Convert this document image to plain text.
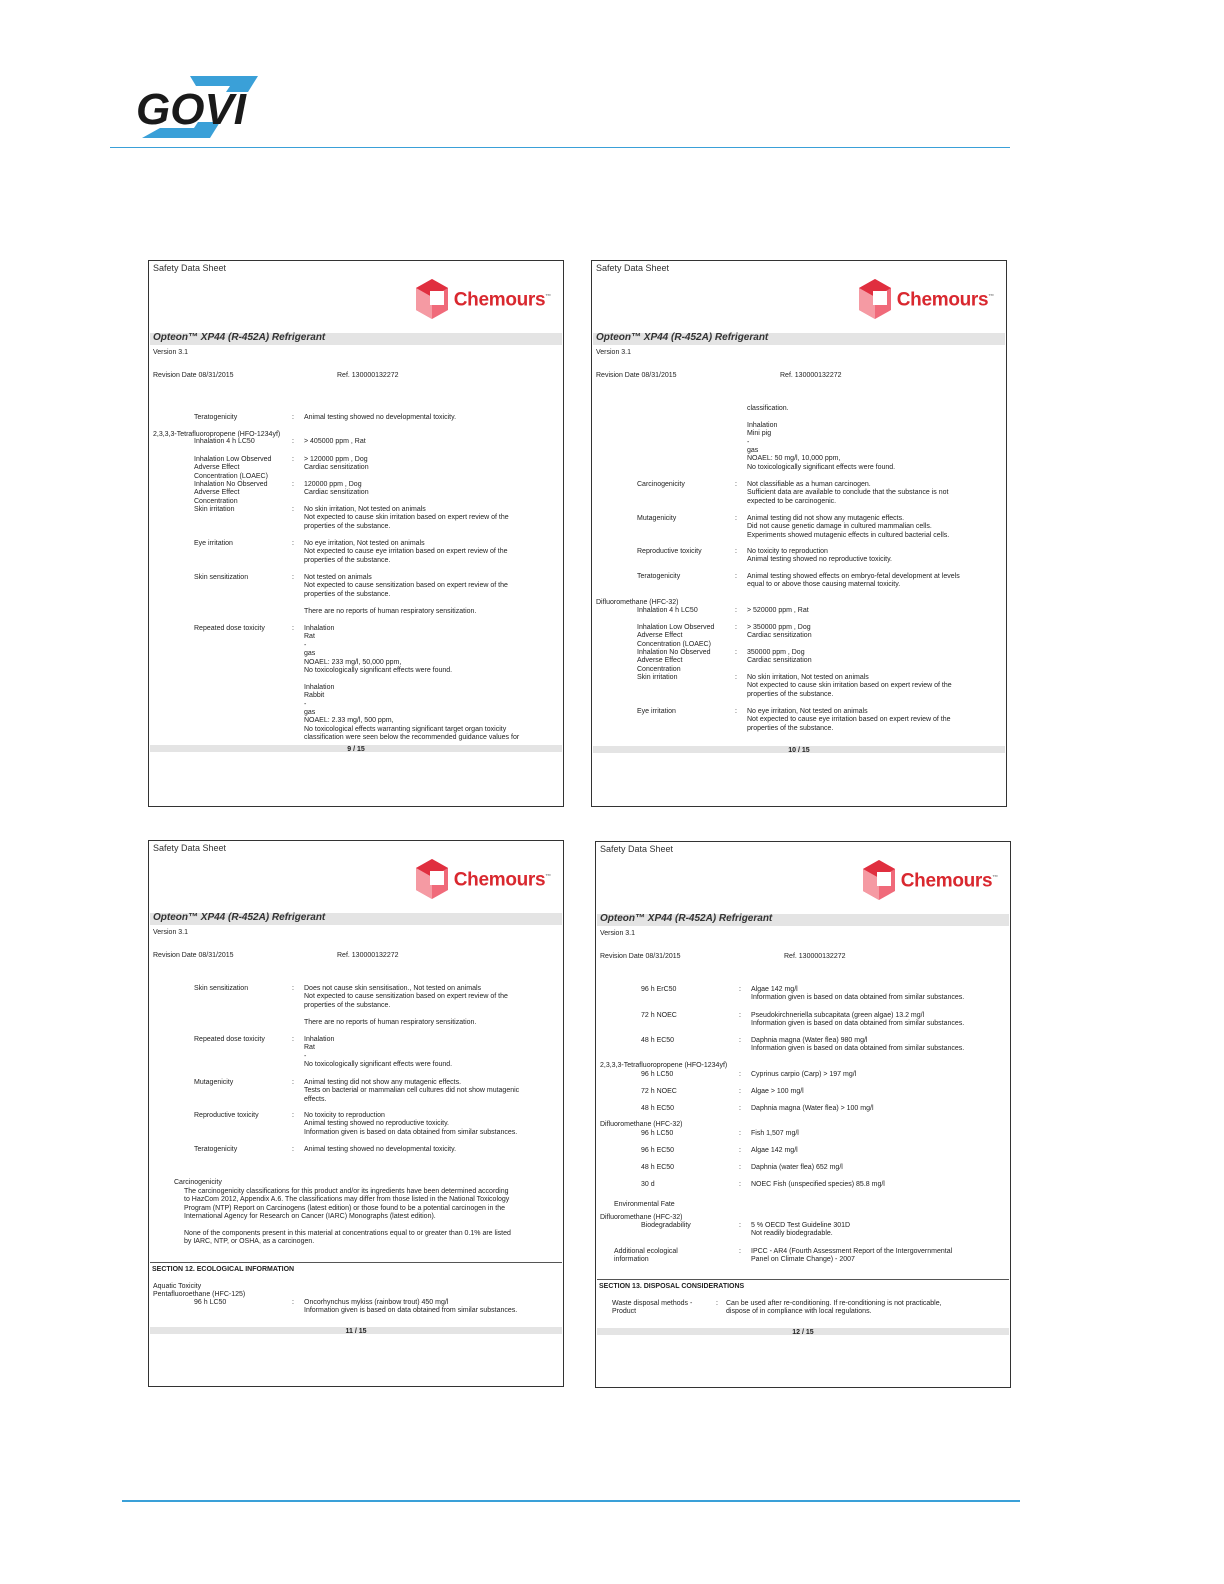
GOVI
Safety Data Sheet
Chemours™
Opteon™ XP44 (R-452A) Refrigerant
Version 3.1
Revision Date 08/31/2015	Ref. 130000132272
Teratogenicity	: Animal testing showed no developmental toxicity.
2,3,3,3-Tetrafluoropropene (HFO-1234yf)
Inhalation 4 h LC50	: > 405000 ppm , Rat
Inhalation Low Observed
Adverse Effect
Concentration (LOAEC)
: > 120000 ppm , Dog
Cardiac sensitization
Inhalation No Observed
Adverse Effect
Concentration
: 120000 ppm , Dog
Cardiac sensitization
Skin irritation	: No skin irritation, Not tested on animals
Not expected to cause skin irritation based on expert review of the
properties of the substance.
Eye irritation	: No eye irritation, Not tested on animals
Not expected to cause eye irritation based on expert review of the
properties of the substance.
Skin sensitization	: Not tested on animals
Not expected to cause sensitization based on expert review of the
properties of the substance.

There are no reports of human respiratory sensitization.
Repeated dose toxicity	: Inhalation
Rat
-
gas
NOAEL: 233 mg/l, 50,000 ppm,
No toxicologically significant effects were found.

Inhalation
Rabbit
-
gas
NOAEL: 2.33 mg/l, 500 ppm,
No toxicological effects warranting significant target organ toxicity
classification were seen below the recommended guidance values for
9 / 15
Safety Data Sheet
Chemours™
Opteon™ XP44 (R-452A) Refrigerant
Version 3.1
Revision Date 08/31/2015	Ref. 130000132272
classification.

Inhalation
Mini pig
-
gas
NOAEL: 50 mg/l, 10,000 ppm,
No toxicologically significant effects were found.
Carcinogenicity	: Not classifiable as a human carcinogen.
Sufficient data are available to conclude that the substance is not
expected to be carcinogenic.
Mutagenicity	: Animal testing did not show any mutagenic effects.
Did not cause genetic damage in cultured mammalian cells.
Experiments showed mutagenic effects in cultured bacterial cells.
Reproductive toxicity	: No toxicity to reproduction
Animal testing showed no reproductive toxicity.
Teratogenicity	: Animal testing showed effects on embryo-fetal development at levels
equal to or above those causing maternal toxicity.
Difluoromethane (HFC-32)
Inhalation 4 h LC50	: > 520000 ppm , Rat
Inhalation Low Observed
Adverse Effect
Concentration (LOAEC)
: > 350000 ppm , Dog
Cardiac sensitization
Inhalation No Observed
Adverse Effect
Concentration
: 350000 ppm , Dog
Cardiac sensitization
Skin irritation	: No skin irritation, Not tested on animals
Not expected to cause skin irritation based on expert review of the
properties of the substance.
Eye irritation	: No eye irritation, Not tested on animals
Not expected to cause eye irritation based on expert review of the
properties of the substance.
10 / 15
Safety Data Sheet
Chemours™
Opteon™ XP44 (R-452A) Refrigerant
Version 3.1
Revision Date 08/31/2015	Ref. 130000132272
Skin sensitization	: Does not cause skin sensitisation., Not tested on animals
Not expected to cause sensitization based on expert review of the
properties of the substance.

There are no reports of human respiratory sensitization.
Repeated dose toxicity	: Inhalation
Rat
-
No toxicologically significant effects were found.
Mutagenicity	: Animal testing did not show any mutagenic effects.
Tests on bacterial or mammalian cell cultures did not show mutagenic
effects.
Reproductive toxicity	: No toxicity to reproduction
Animal testing showed no reproductive toxicity.
Information given is based on data obtained from similar substances.
Teratogenicity	: Animal testing showed no developmental toxicity.
Carcinogenicity
The carcinogenicity classifications for this product and/or its ingredients have been determined according
to HazCom 2012, Appendix A.6. The classifications may differ from those listed in the National Toxicology
Program (NTP) Report on Carcinogens (latest edition) or those found to be a potential carcinogen in the
International Agency for Research on Cancer (IARC) Monographs (latest edition).

None of the components present in this material at concentrations equal to or greater than 0.1% are listed
by IARC, NTP, or OSHA, as a carcinogen.
SECTION 12. ECOLOGICAL INFORMATION
Aquatic Toxicity
Pentafluoroethane (HFC-125)
96 h LC50	: Oncorhynchus mykiss (rainbow trout) 450 mg/l
Information given is based on data obtained from similar substances.
11 / 15
Safety Data Sheet
Chemours™
Opteon™ XP44 (R-452A) Refrigerant
Version 3.1
Revision Date 08/31/2015	Ref. 130000132272
96 h ErC50	: Algae 142 mg/l
Information given is based on data obtained from similar substances.
72 h NOEC	: Pseudokirchneriella subcapitata (green algae) 13.2 mg/l
Information given is based on data obtained from similar substances.
48 h EC50	: Daphnia magna (Water flea) 980 mg/l
Information given is based on data obtained from similar substances.
2,3,3,3-Tetrafluoropropene (HFO-1234yf)
96 h LC50	: Cyprinus carpio (Carp) > 197 mg/l
72 h NOEC	: Algae > 100 mg/l
48 h EC50	: Daphnia magna (Water flea) > 100 mg/l
Difluoromethane (HFC-32)
96 h LC50	: Fish 1,507 mg/l
96 h EC50	: Algae 142 mg/l
48 h EC50	: Daphnia (water flea) 652 mg/l
30 d	: NOEC Fish (unspecified species) 85.8 mg/l
Environmental Fate
Difluoromethane (HFC-32)
Biodegradability	: 5 % OECD Test Guideline 301D
Not readily biodegradable.
Additional ecological information
: IPCC - AR4 (Fourth Assessment Report of the Intergovernmental
Panel on Climate Change) - 2007
SECTION 13. DISPOSAL CONSIDERATIONS
Waste disposal methods -
Product
: Can be used after re-conditioning. If re-conditioning is not practicable,
dispose of in compliance with local regulations.
12 / 15
